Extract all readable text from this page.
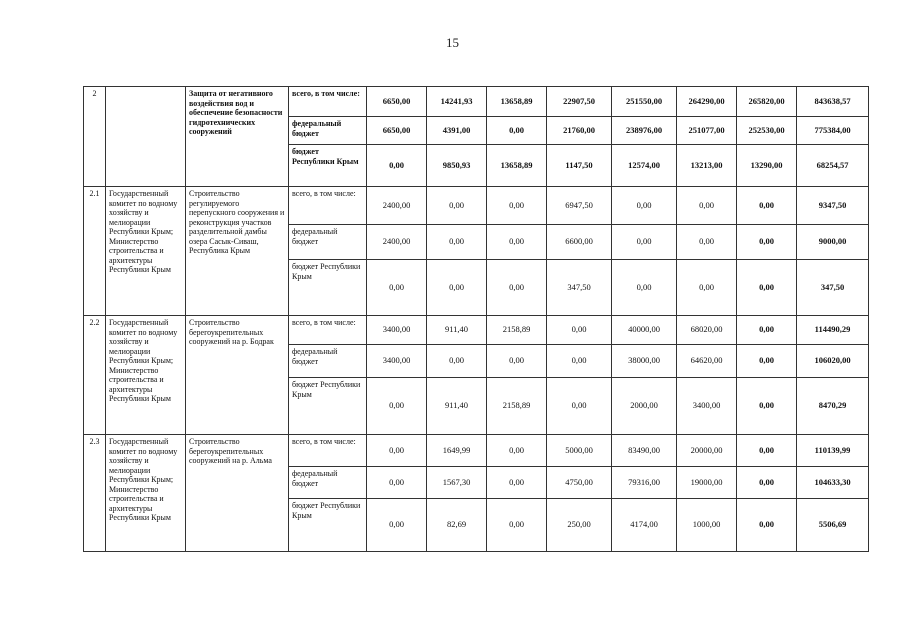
15
2		Защита от негативного воздействия вод и обеспечение безопасности гидротехнических сооружений	всего, в том числе:	6650,00	14241,93	13658,89	22907,50	251550,00	264290,00	265820,00	843638,57
			федеральный бюджет	6650,00	4391,00	0,00	21760,00	238976,00	251077,00	252530,00	775384,00
			бюджет Республики Крым	0,00	9850,93	13658,89	1147,50	12574,00	13213,00	13290,00	68254,57
2.1	Государственный комитет по водному хозяйству и мелиорации Республики Крым; Министерство строительства и архитектуры Республики Крым	Строительство регулируемого перепускного сооружения и реконструкция участков разделительной дамбы озера Сасык-Сиваш, Республика Крым	всего, в том числе:	2400,00	0,00	0,00	6947,50	0,00	0,00	0,00	9347,50
			федеральный бюджет	2400,00	0,00	0,00	6600,00	0,00	0,00	0,00	9000,00
			бюджет Республики Крым	0,00	0,00	0,00	347,50	0,00	0,00	0,00	347,50
2.2	Государственный комитет по водному хозяйству и мелиорации Республики Крым; Министерство строительства и архитектуры Республики Крым	Строительство берегоукрепительных сооружений на р. Бодрак	всего, в том числе:	3400,00	911,40	2158,89	0,00	40000,00	68020,00	0,00	114490,29
			федеральный бюджет	3400,00	0,00	0,00	0,00	38000,00	64620,00	0,00	106020,00
			бюджет Республики Крым	0,00	911,40	2158,89	0,00	2000,00	3400,00	0,00	8470,29
2.3	Государственный комитет по водному хозяйству и мелиорации Республики Крым; Министерство строительства и архитектуры Республики Крым	Строительство берегоукрепительных сооружений на р. Альма	всего, в том числе:	0,00	1649,99	0,00	5000,00	83490,00	20000,00	0,00	110139,99
			федеральный бюджет	0,00	1567,30	0,00	4750,00	79316,00	19000,00	0,00	104633,30
			бюджет Республики Крым	0,00	82,69	0,00	250,00	4174,00	1000,00	0,00	5506,69
